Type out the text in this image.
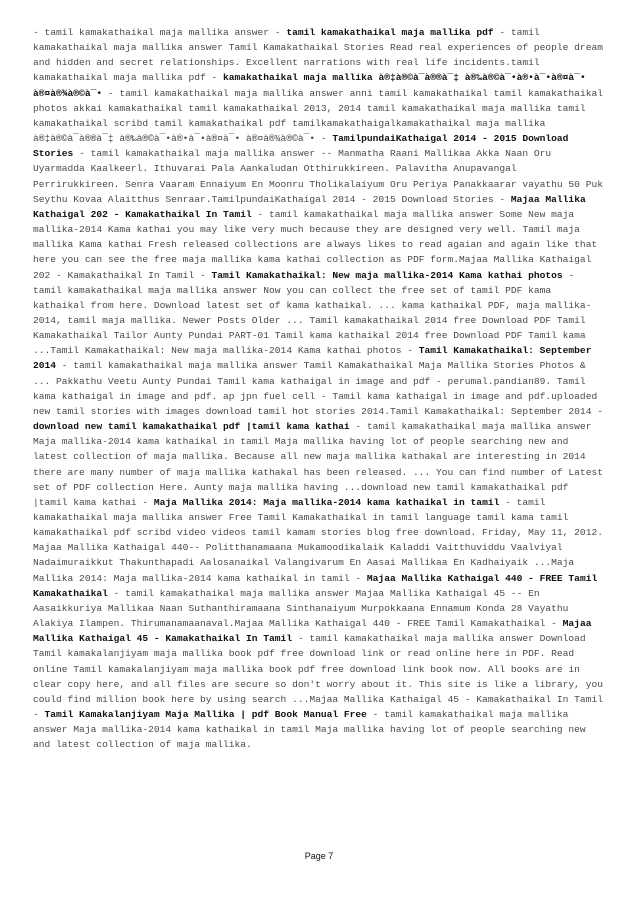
- tamil kamakathaikal maja mallika answer - tamil kamakathaikal maja mallika pdf - tamil kamakathaikal maja mallika answer Tamil Kamakathaikal Stories Read real experiences of people dream and hidden and secret relationships. Excellent narrations with real life incidents.tamil kamakathaikal maja mallika pdf - kamakathaikal maja mallika à®‡à®©à¯à®®à¯‡ à®‰à®©à¯•à®•à¯•à®¤à¯• à®¤à®¾à®©à¯• - tamil kamakathaikal maja mallika answer anni tamil kamakathaikal tamil kamakathaikal photos akkai kamakathaikal tamil kamakathaikal 2013, 2014 tamil kamakathaikal maja mallika tamil kamakathaikal scribd tamil kamakathaikal pdf tamilkamakathaigalkamakathaikal maja mallika à®‡à®©à¯à®®à¯‡ à®‰à®©à¯•à®•à¯•à®¤à¯• à®¤à®¾à®©à¯• - TamilpundaiKathaigal 2014 - 2015 Download Stories - tamil kamakathaikal maja mallika answer -- Manmatha Raani Mallikaa Akka Naan Oru Uyarmadda Kaalkeerl. Ithuvarai Pala Aankaludan Otthirukkireen. Palavitha Anupavangal Perrirukkireen. Senra Vaaram Ennaiyum En Moonru Tholikalaiyum Oru Periya Panakkaarar vayathu 50 Puk Seythu Kovaa Alaitthus Senraar.TamilpundaiKathaigal 2014 - 2015 Download Stories - Majaa Mallika Kathaigal 202 - Kamakathaikal In Tamil - tamil kamakathaikal maja mallika answer Some New maja mallika-2014 Kama kathai you may like very much because they are designed very well. Tamil maja mallika Kama kathai Fresh released collections are always likes to read agaian and again like that here you can see the free maja mallika kama kathai collection as PDF form.Majaa Mallika Kathaigal 202 - Kamakathaikal In Tamil - Tamil Kamakathaikal: New maja mallika-2014 Kama kathai photos - tamil kamakathaikal maja mallika answer Now you can collect the free set of tamil PDF kama kathaikal from here. Download latest set of kama kathaikal. ... kama kathaikal PDF, maja mallika-2014, tamil maja mallika. Newer Posts Older ... Tamil kamakathaikal 2014 free Download PDF Tamil Kamakathaikal Tailor Aunty Pundai PART-01 Tamil kama kathaikal 2014 free Download PDF Tamil kama ...Tamil Kamakathaikal: New maja mallika-2014 Kama kathai photos - Tamil Kamakathaikal: September 2014 - tamil kamakathaikal maja mallika answer Tamil Kamakathaikal Maja Mallika Stories Photos & ... Pakkathu Veetu Aunty Pundai Tamil kama kathaigal in image and pdf - perumal.pandian89. Tamil kama kathaigal in image and pdf. ap jpn fuel cell - Tamil kama kathaigal in image and pdf.uploaded new tamil stories with images download tamil hot stories 2014.Tamil Kamakathaikal: September 2014 - download new tamil kamakathaikal pdf |tamil kama kathai - tamil kamakathaikal maja mallika answer Maja mallika-2014 kama kathaikal in tamil Maja mallika having lot of people searching new and latest collection of maja mallika. Because all new maja mallika kathakal are interesting in 2014 there are many number of maja mallika kathakal has been released. ... You can find number of Latest set of PDF collection Here. Aunty maja mallika having ...download new tamil kamakathaikal pdf |tamil kama kathai - Maja Mallika 2014: Maja mallika-2014 kama kathaikal in tamil - tamil kamakathaikal maja mallika answer Free Tamil Kamakathaikal in tamil language tamil kama tamil kamakathaikal pdf scribd video videos tamil kamam stories blog free download. Friday, May 11, 2012. Majaa Mallika Kathaigal 440-- Politthanamaana Mukamoodikalaik Kaladdi Vaitthuviddu Vaalviyal Nadaimuraikkut Thakunthapadi Aalosanaikal Valangivarum En Aasai Mallikaa En Kadhaiyaik ...Maja Mallika 2014: Maja mallika-2014 kama kathaikal in tamil - Majaa Mallika Kathaigal 440 - FREE Tamil Kamakathaikal - tamil kamakathaikal maja mallika answer Majaa Mallika Kathaigal 45 -- En Aasaikkuriya Mallikaa Naan Suthanthiramaana Sinthanaiyum Murpokkaana Ennamum Konda 28 Vayathu Alakiya Ilampen. Thirumanamaanaval.Majaa Mallika Kathaigal 440 - FREE Tamil Kamakathaikal - Majaa Mallika Kathaigal 45 - Kamakathaikal In Tamil - tamil kamakathaikal maja mallika answer Download Tamil kamakalanjiyam maja mallika book pdf free download link or read online here in PDF. Read online Tamil kamakalanjiyam maja mallika book pdf free download link book now. All books are in clear copy here, and all files are secure so don't worry about it. This site is like a library, you could find million book here by using search ...Majaa Mallika Kathaigal 45 - Kamakathaikal In Tamil - Tamil Kamakalanjiyam Maja Mallika | pdf Book Manual Free - tamil kamakathaikal maja mallika answer Maja mallika-2014 kama kathaikal in tamil Maja mallika having lot of people searching new and latest collection of maja mallika.
Page 7
